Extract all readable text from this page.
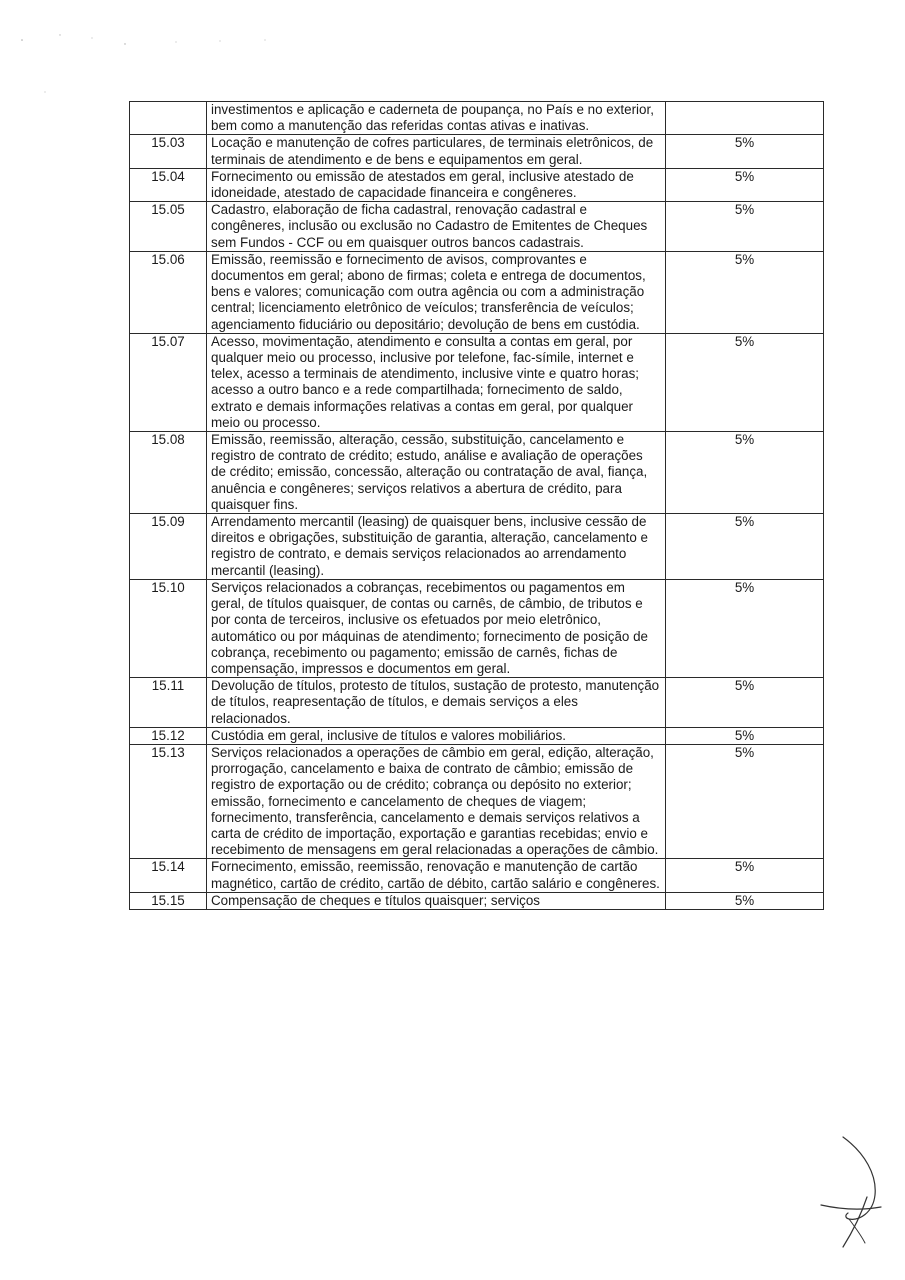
	investimentos e aplicação e caderneta de poupança, no País e no exterior, bem como a manutenção das referidas contas ativas e inativas.	
15.03	Locação e manutenção de cofres particulares, de terminais eletrônicos, de terminais de atendimento e de bens e equipamentos em geral.	5%
15.04	Fornecimento ou emissão de atestados em geral, inclusive atestado de idoneidade, atestado de capacidade financeira e congêneres.	5%
15.05	Cadastro, elaboração de ficha cadastral, renovação cadastral e congêneres, inclusão ou exclusão no Cadastro de Emitentes de Cheques sem Fundos - CCF ou em quaisquer outros bancos cadastrais.	5%
15.06	Emissão, reemissão e fornecimento de avisos, comprovantes e documentos em geral; abono de firmas; coleta e entrega de documentos, bens e valores; comunicação com outra agência ou com a administração central; licenciamento eletrônico de veículos; transferência de veículos; agenciamento fiduciário ou depositário; devolução de bens em custódia.	5%
15.07	Acesso, movimentação, atendimento e consulta a contas em geral, por qualquer meio ou processo, inclusive por telefone, fac-símile, internet e telex, acesso a terminais de atendimento, inclusive vinte e quatro horas; acesso a outro banco e a rede compartilhada; fornecimento de saldo, extrato e demais informações relativas a contas em geral, por qualquer meio ou processo.	5%
15.08	Emissão, reemissão, alteração, cessão, substituição, cancelamento e registro de contrato de crédito; estudo, análise e avaliação de operações de crédito; emissão, concessão, alteração ou contratação de aval, fiança, anuência e congêneres; serviços relativos a abertura de crédito, para quaisquer fins.	5%
15.09	Arrendamento mercantil (leasing) de quaisquer bens, inclusive cessão de direitos e obrigações, substituição de garantia, alteração, cancelamento e registro de contrato, e demais serviços relacionados ao arrendamento mercantil (leasing).	5%
15.10	Serviços relacionados a cobranças, recebimentos ou pagamentos em geral, de títulos quaisquer, de contas ou carnês, de câmbio, de tributos e por conta de terceiros, inclusive os efetuados por meio eletrônico, automático ou por máquinas de atendimento; fornecimento de posição de cobrança, recebimento ou pagamento; emissão de carnês, fichas de compensação, impressos e documentos em geral.	5%
15.11	Devolução de títulos, protesto de títulos, sustação de protesto, manutenção de títulos, reapresentação de títulos, e demais serviços a eles relacionados.	5%
15.12	Custódia em geral, inclusive de títulos e valores mobiliários.	5%
15.13	Serviços relacionados a operações de câmbio em geral, edição, alteração, prorrogação, cancelamento e baixa de contrato de câmbio; emissão de registro de exportação ou de crédito; cobrança ou depósito no exterior; emissão, fornecimento e cancelamento de cheques de viagem; fornecimento, transferência, cancelamento e demais serviços relativos a carta de crédito de importação, exportação e garantias recebidas; envio e recebimento de mensagens em geral relacionadas a operações de câmbio.	5%
15.14	Fornecimento, emissão, reemissão, renovação e manutenção de cartão magnético, cartão de crédito, cartão de débito, cartão salário e congêneres.	5%
15.15	Compensação de cheques e títulos quaisquer; serviços	5%
